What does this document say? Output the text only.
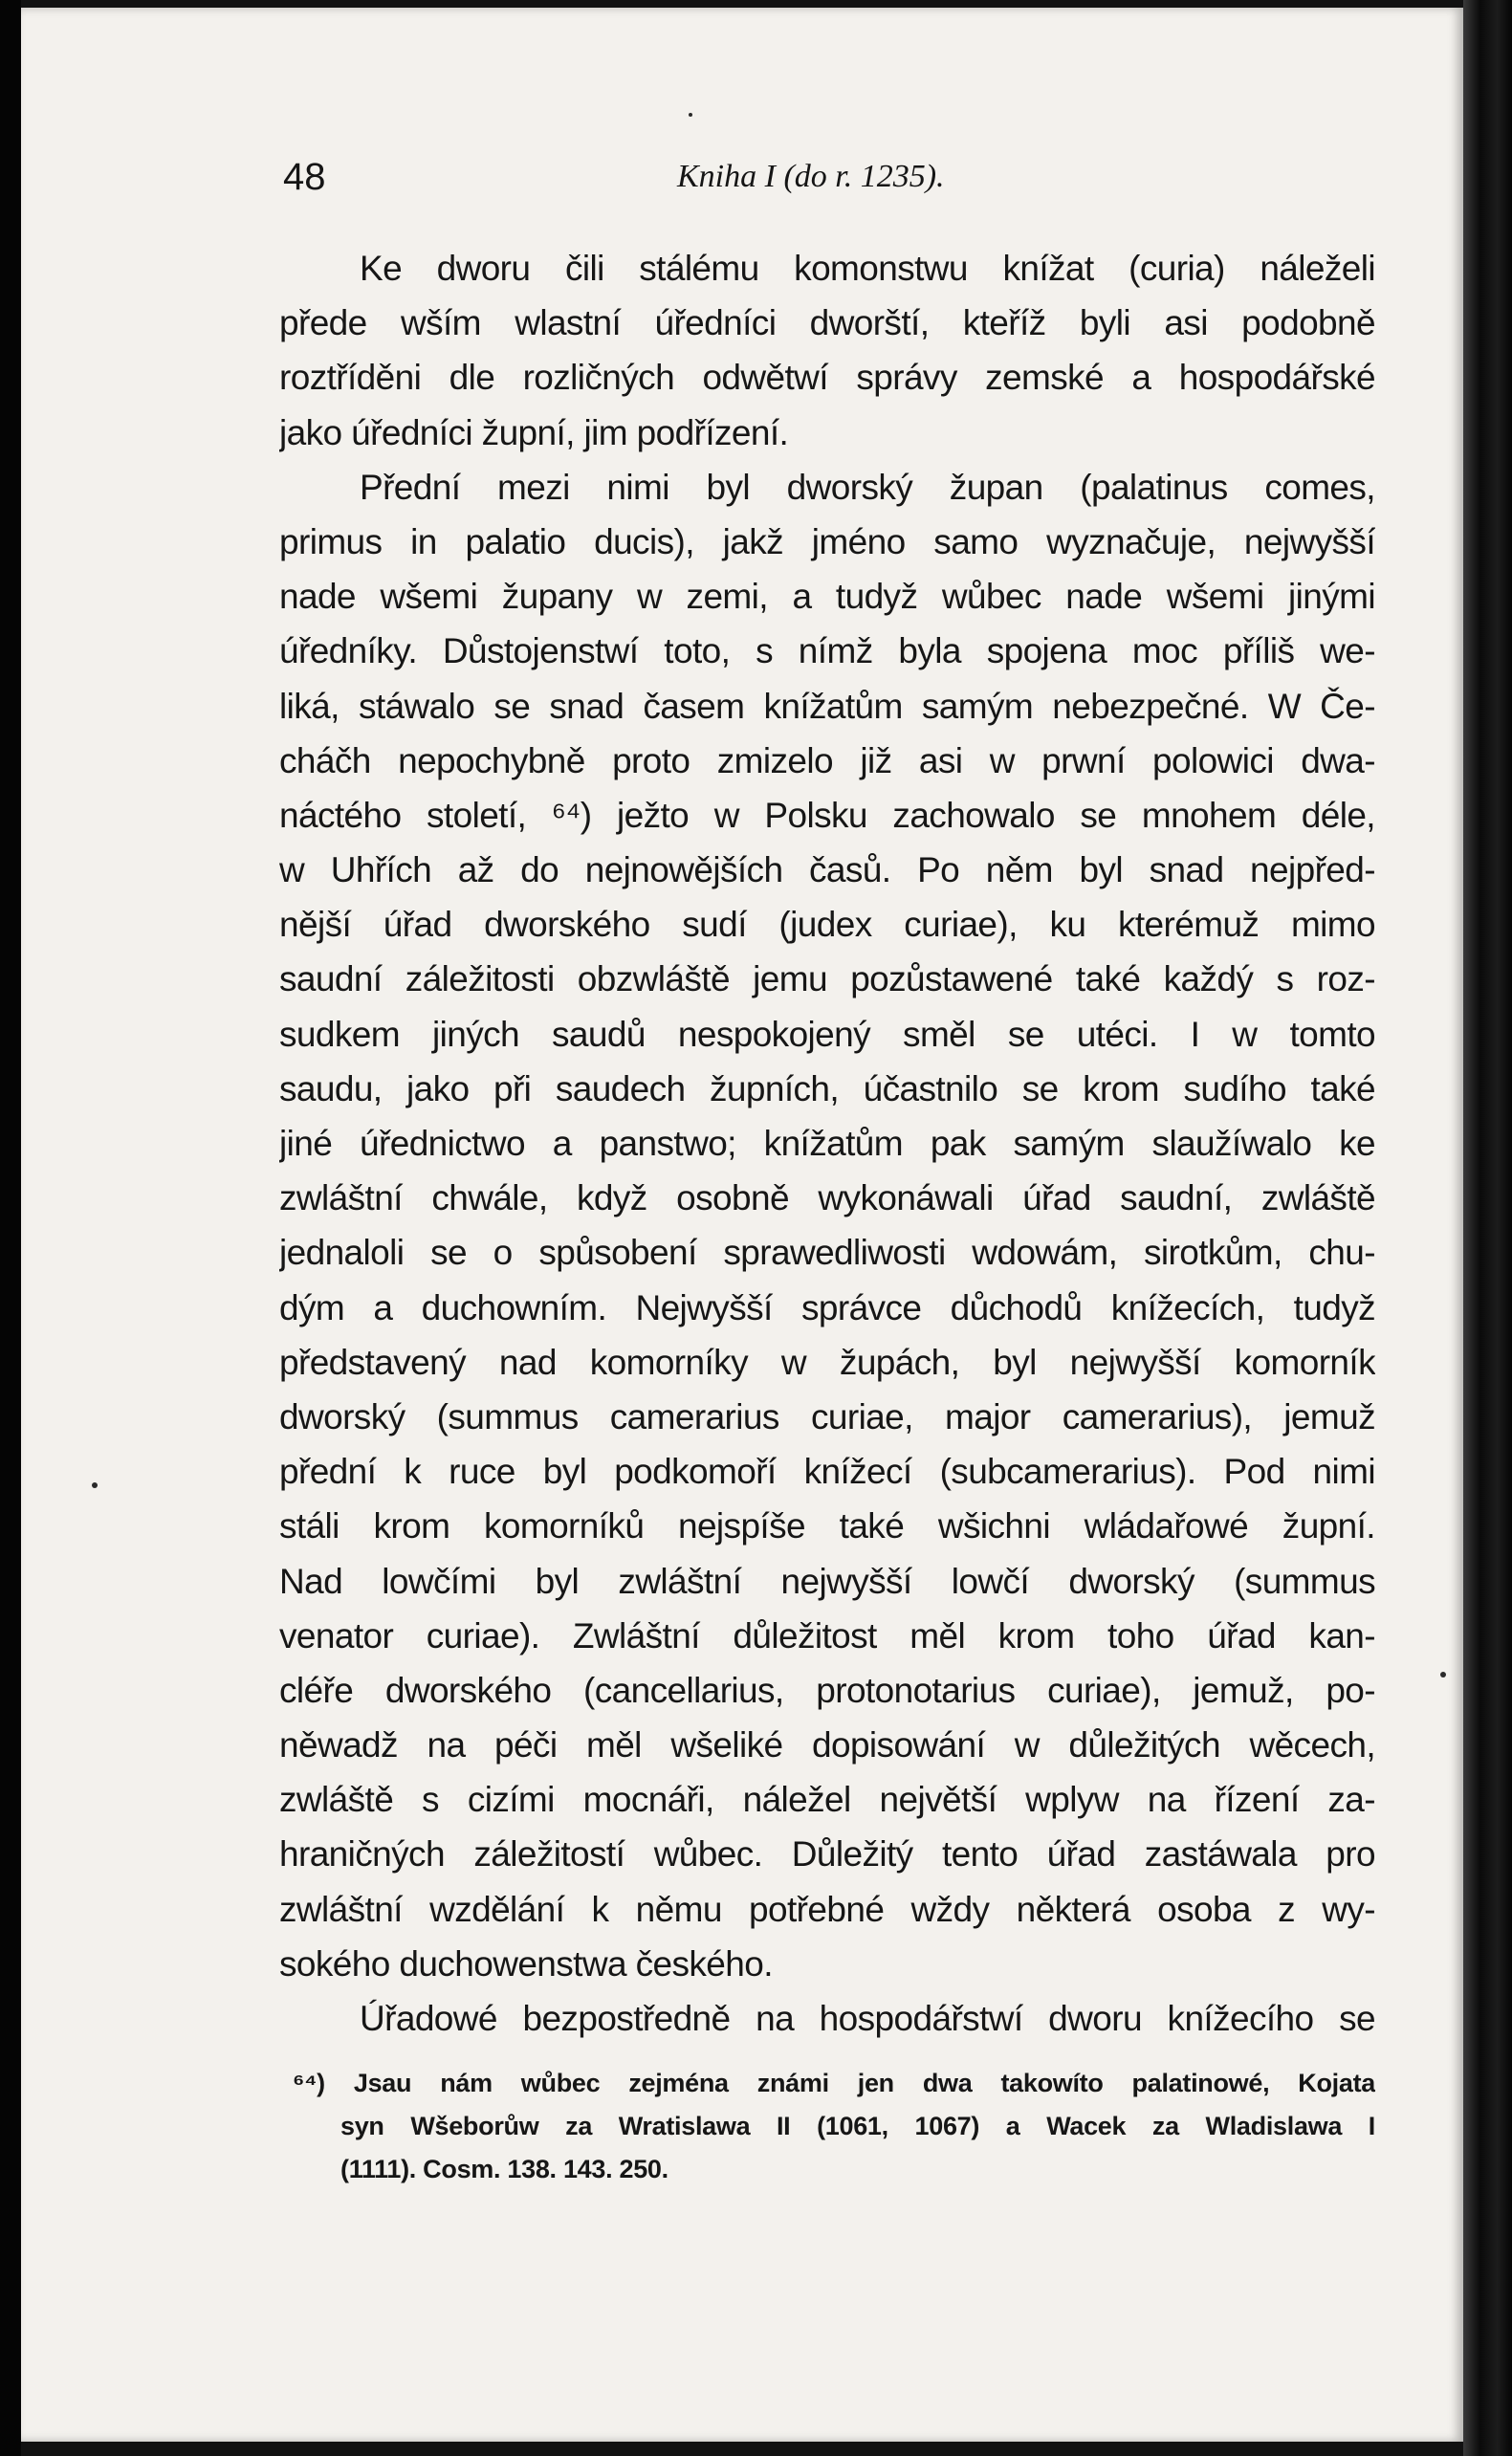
48	Kniha I (do r. 1235).
Ke dworu čili stálému komonstwu knížat (curia) náleželi
přede wším wlastní úředníci dworští, kteříž byli asi podobně
roztříděni dle rozličných odwětwí správy zemské a hospodářské
jako úředníci župní, jim podřízení.
Přední mezi nimi byl dworský župan (palatinus comes,
primus in palatio ducis), jakž jméno samo wyznačuje, nejwyšší
nade wšemi župany w zemi, a tudyž wůbec nade wšemi jinými
úředníky. Důstojenstwí toto, s nímž byla spojena moc příliš we-
liká, stáwalo se snad časem knížatům samým nebezpečné. W Če-
cháčh nepochybně proto zmizelo již asi w prwní polowici dwa-
náctého století, ⁶⁴) ježto w Polsku zachowalo se mnohem déle,
w Uhřích až do nejnowějších časů. Po něm byl snad nejpřed-
nější úřad dworského sudí (judex curiae), ku kterémuž mimo
saudní záležitosti obzwláště jemu pozůstawené také každý s roz-
sudkem jiných saudů nespokojený směl se utéci. I w tomto
saudu, jako při saudech župních, účastnilo se krom sudího také
jiné úřednictwo a panstwo; knížatům pak samým slaužíwalo ke
zwláštní chwále, když osobně wykonáwali úřad saudní, zwláště
jednaloli se o spůsobení sprawedliwosti wdowám, sirotkům, chu-
dým a duchowním. Nejwyšší správce důchodů knížecích, tudyž
představený nad komorníky w župách, byl nejwyšší komorník
dworský (summus camerarius curiae, major camerarius), jemuž
přední k ruce byl podkomoří knížecí (subcamerarius). Pod nimi
stáli krom komorníků nejspíše také wšichni wládařowé župní.
Nad lowčími byl zwláštní nejwyšší lowčí dworský (summus
venator curiae). Zwláštní důležitost měl krom toho úřad kan-
cléře dworského (cancellarius, protonotarius curiae), jemuž, po-
něwadž na péči měl wšeliké dopisowání w důležitých wěcech,
zwláště s cizími mocnáři, náležel největší wplyw na řízení za-
hraničných záležitostí wůbec. Důležitý tento úřad zastáwala pro
zwláštní wzdělání k němu potřebné wždy některá osoba z wy-
sokého duchowenstwa českého.
Úřadowé bezpostředně na hospodářstwí dworu knížecího se
⁶⁴) Jsau nám wůbec zejména známi jen dwa takowíto palatinowé, Kojata
syn Wšeborůw za Wratislawa II (1061, 1067) a Wacek za Wladislawa I
(1111). Cosm. 138. 143. 250.
